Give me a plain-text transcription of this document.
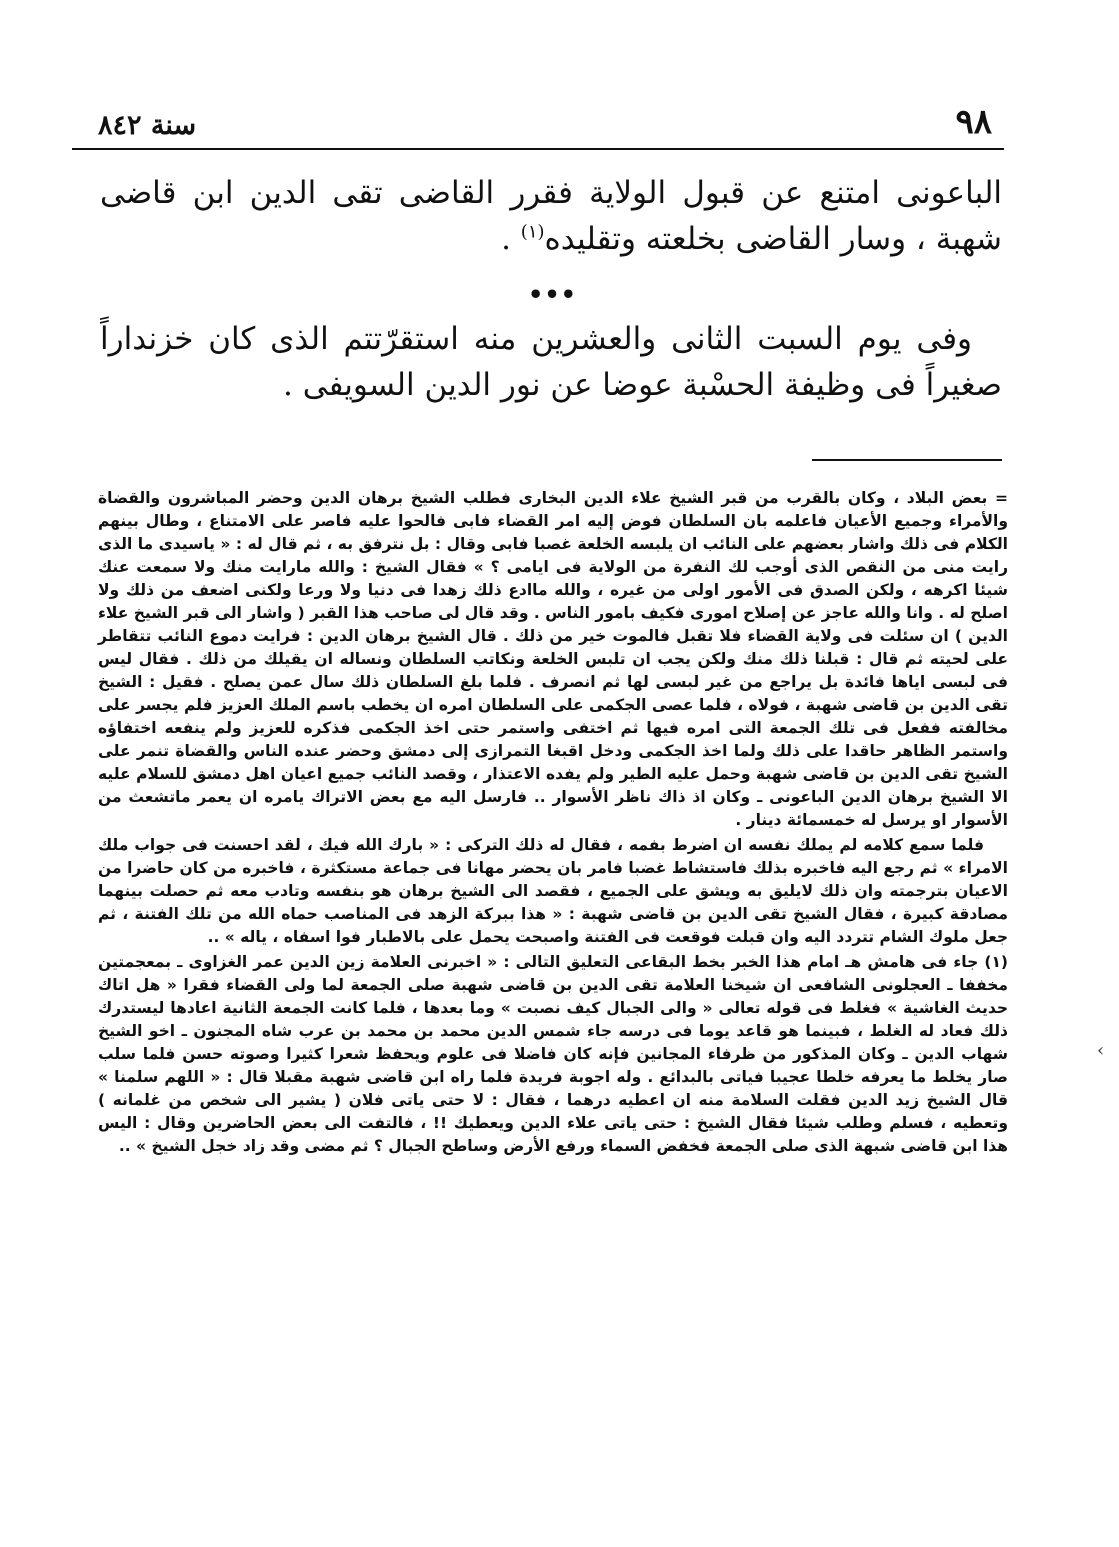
٩٨
سنة ٨٤٢
الباعونى امتنع عن قبول الولاية فقرر القاضى تقى الدين ابن قاضى شهبة ، وسار القاضى بخلعته وتقليده$^{(١)}$ .
•••
وفى يوم السبت الثانى والعشرين منه استقرّتتم الذى كان خزنداراً صغيراً فى وظيفة الحسْبة عوضا عن نور الدين السويفى .

= بعض البلاد ، وكان بالقرب من قبر الشيخ علاء الدين البخارى فطلب الشيخ برهان الدين وحضر المباشرون والقضاة والأمراء وجميع الأعيان فاعلمه بان السلطان فوض إليه امر القضاء فابى فالحوا عليه فاصر على الامتناع ، وطال بينهم الكلام فى ذلك واشار بعضهم على النائب ان يلبسه الخلعة غصبا فابى وقال : بل نترفق به ، ثم قال له : « ياسيدى ما الذى رايت منى من النقص الذى أوجب لك النفرة من الولاية فى ايامى ؟ » فقال الشيخ : والله مارايت منك ولا سمعت عنك شيئا اكرهه ، ولكن الصدق فى الأمور اولى من غيره ، والله ماادع ذلك زهدا فى دنيا ولا ورعا ولكنى اضعف من ذلك ولا اصلح له . وانا والله عاجز عن إصلاح امورى فكيف بامور الناس . وقد قال لى صاحب هذا القبر ( واشار الى قبر الشيخ علاء الدين ) ان سئلت فى ولاية القضاء فلا تقبل فالموت خير من ذلك . قال الشيخ برهان الدين : فرايت دموع النائب تتقاطر على لحيته ثم قال : قبلنا ذلك منك ولكن يجب ان تلبس الخلعة ونكاتب السلطان ونساله ان يقيلك من ذلك . فقال ليس فى لبسى اياها فائدة بل يراجع من غير لبسى لها ثم انصرف . فلما بلغ السلطان ذلك سال عمن يصلح . فقيل : الشيخ تقى الدين بن قاضى شهبة ، فولاه ، فلما عصى الجكمى على السلطان امره ان يخطب باسم الملك العزيز فلم يجسر على مخالفته ففعل فى تلك الجمعة التى امره فيها ثم اختفى واستمر حتى اخذ الجكمى فذكره للعزيز ولم ينفعه اختفاؤه واستمر الظاهر حاقدا على ذلك ولما اخذ الجكمى ودخل اقبغا التمرازى إلى دمشق وحضر عنده الناس والقضاة تنمر على الشيخ تقى الدين بن قاضى شهبة وحمل عليه الطير ولم يفده الاعتذار ، وقصد النائب جميع اعيان اهل دمشق للسلام عليه الا الشيخ برهان الدين الباعونى ـ وكان اذ ذاك ناظر الأسوار .. فارسل اليه مع بعض الاتراك يامره ان يعمر ماتشعث من الأسوار او يرسل له خمسمائة دينار .

فلما سمع كلامه لم يملك نفسه ان اضرط بفمه ، فقال له ذلك التركى : « بارك الله فيك ، لقد احسنت فى جواب ملك الامراء » ثم رجع اليه فاخبره بذلك فاستشاط غضبا فامر بان يحضر مهانا فى جماعة مستكثرة ، فاخبره من كان حاضرا من الاعيان بترجمته وان ذلك لايليق به ويشق على الجميع ، فقصد الى الشيخ برهان هو بنفسه وتادب معه ثم حصلت بينهما مصادقة كبيرة ، فقال الشيخ تقى الدين بن قاضى شهبة : « هذا ببركة الزهد فى المناصب حماه الله من تلك الفتنة ، ثم جعل ملوك الشام تتردد اليه وان قبلت فوقعت فى الفتنة واصبحت يحمل على بالاطبار فوا اسفاه ، ياله » ..

(١) جاء فى هامش هـ امام هذا الخبر بخط البقاعى التعليق التالى : « اخبرنى العلامة زين الدين عمر الغزاوى ـ بمعجمتين مخففا ـ العجلونى الشافعى ان شيخنا العلامة تقى الدين بن قاضى شهبة صلى الجمعة لما ولى القضاء فقرا « هل اتاك حديث الغاشية » فغلط فى قوله تعالى « والى الجبال كيف نصبت » وما بعدها ، فلما كانت الجمعة الثانية اعادها ليستدرك ذلك فعاد له الغلط ، فبينما هو قاعد يوما فى درسه جاء شمس الدين محمد بن محمد بن عرب شاه المجنون ـ اخو الشيخ شهاب الدين ـ وكان المذكور من ظرفاء المجانين فإنه كان فاضلا فى علوم ويحفظ شعرا كثيرا وصوته حسن فلما سلب صار يخلط ما يعرفه خلطا عجيبا فياتى بالبدائع . وله اجوبة فريدة فلما راه ابن قاضى شهبة مقبلا قال : « اللهم سلمنا » قال الشيخ زيد الدين فقلت السلامة منه ان اعطيه درهما ، فقال : لا حتى ياتى فلان ( يشير الى شخص من غلمانه ) وتعطيه ، فسلم وطلب شيئا فقال الشيخ : حتى ياتى علاء الدين ويعطيك !! ، فالتفت الى بعض الحاضرين وقال : اليس هذا ابن قاضى شبهة الذى صلى الجمعة فخفض السماء ورفع الأرض وساطح الجبال ؟ ثم مضى وقد زاد خجل الشيخ » ..

›
